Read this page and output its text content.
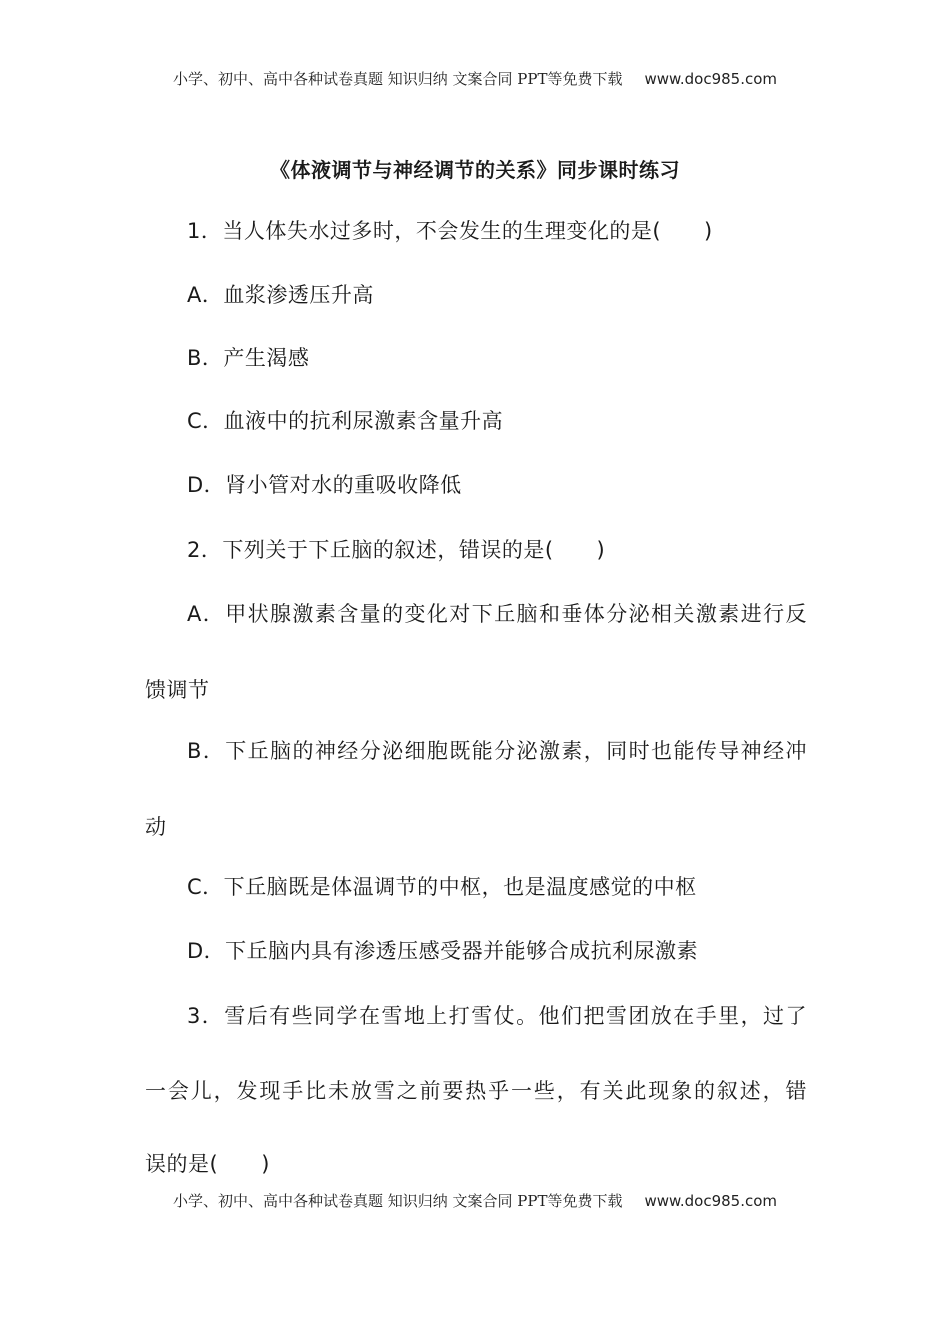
小学、初中、高中各种试卷真题 知识归纳 文案合同 PPT等免费下载 www.doc985.com
《体液调节与神经调节的关系》同步课时练习
1．当人体失水过多时，不会发生的生理变化的是(　　)
A．血浆渗透压升高
B．产生渴感
C．血液中的抗利尿激素含量升高
D．肾小管对水的重吸收降低
2．下列关于下丘脑的叙述，错误的是(　　)
A．甲状腺激素含量的变化对下丘脑和垂体分泌相关激素进行反
馈调节
B．下丘脑的神经分泌细胞既能分泌激素，同时也能传导神经冲
动
C．下丘脑既是体温调节的中枢，也是温度感觉的中枢
D．下丘脑内具有渗透压感受器并能够合成抗利尿激素
3．雪后有些同学在雪地上打雪仗。他们把雪团放在手里，过了
一会儿，发现手比未放雪之前要热乎一些，有关此现象的叙述，错
误的是(　　)
小学、初中、高中各种试卷真题 知识归纳 文案合同 PPT等免费下载 www.doc985.com
